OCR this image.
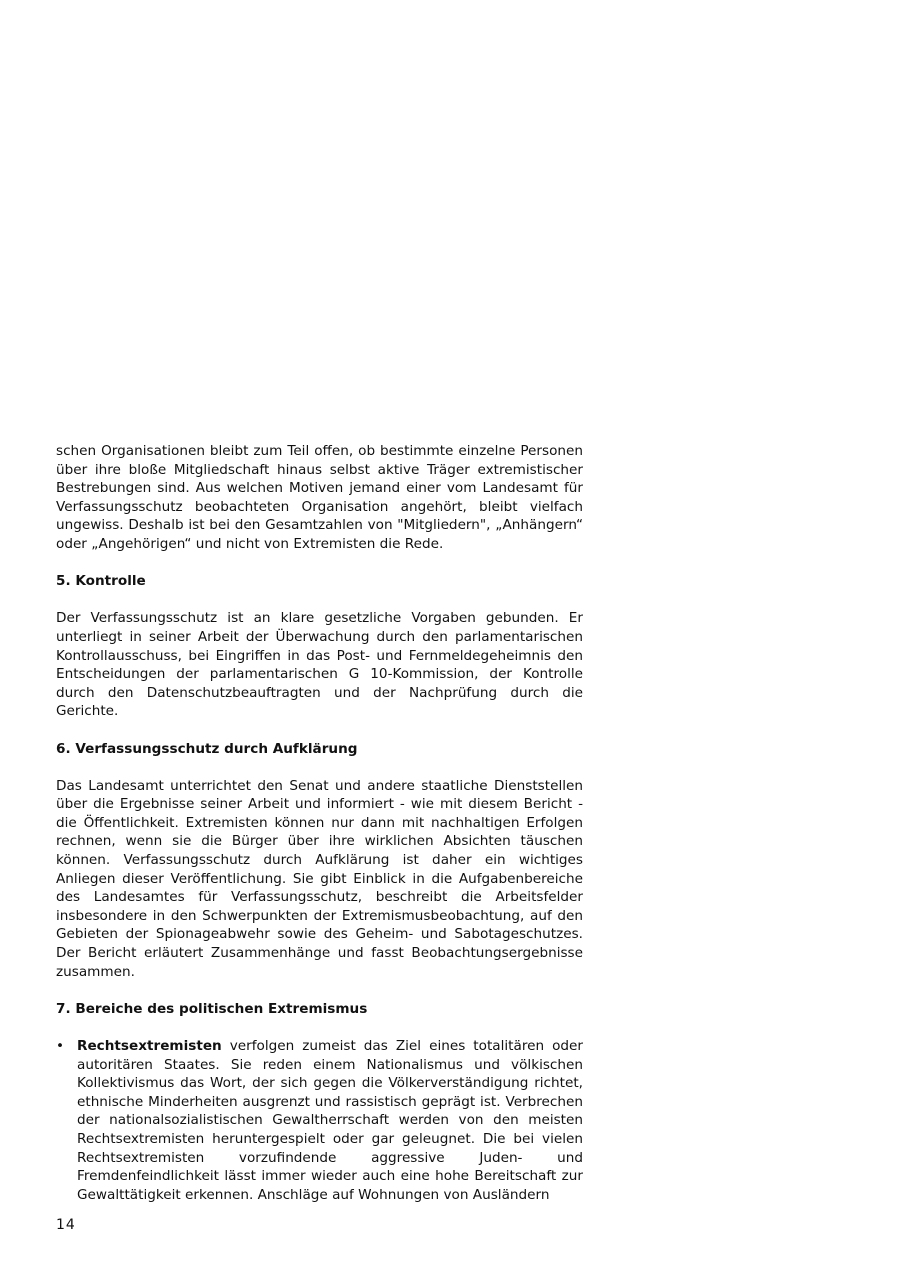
schen Organisationen bleibt zum Teil offen, ob bestimmte einzelne Personen über ihre bloße Mitgliedschaft hinaus selbst aktive Träger extremistischer Bestrebungen sind. Aus welchen Motiven jemand einer vom Landesamt für Verfassungsschutz beobachteten Organisation angehört, bleibt vielfach ungewiss. Deshalb ist bei den Gesamtzahlen von "Mitgliedern", „Anhängern“ oder „Angehörigen“ und nicht von Extremisten die Rede.

5. Kontrolle

Der Verfassungsschutz ist an klare gesetzliche Vorgaben gebunden. Er unterliegt in seiner Arbeit der Überwachung durch den parlamentarischen Kontrollausschuss, bei Eingriffen in das Post- und Fernmeldegeheimnis den Entscheidungen der parlamentarischen G 10-Kommission, der Kontrolle durch den Datenschutzbeauftragten und der Nachprüfung durch die Gerichte.

6. Verfassungsschutz durch Aufklärung

Das Landesamt unterrichtet den Senat und andere staatliche Dienststellen über die Ergebnisse seiner Arbeit und informiert - wie mit diesem Bericht - die Öffentlichkeit. Extremisten können nur dann mit nachhaltigen Erfolgen rechnen, wenn sie die Bürger über ihre wirklichen Absichten täuschen können. Verfassungsschutz durch Aufklärung ist daher ein wichtiges Anliegen dieser Veröffentlichung. Sie gibt Einblick in die Aufgabenbereiche des Landesamtes für Verfassungsschutz, beschreibt die Arbeitsfelder insbesondere in den Schwerpunkten der Extremismusbeobachtung, auf den Gebieten der Spionageabwehr sowie des Geheim- und Sabotageschutzes. Der Bericht erläutert Zusammenhänge und fasst Beobachtungsergebnisse zusammen.

7. Bereiche des politischen Extremismus
• Rechtsextremisten verfolgen zumeist das Ziel eines totalitären oder autoritären Staates. Sie reden einem Nationalismus und völkischen Kollektivismus das Wort, der sich gegen die Völkerverständigung richtet, ethnische Minderheiten ausgrenzt und rassistisch geprägt ist. Verbrechen der nationalsozialistischen Gewaltherrschaft werden von den meisten Rechtsextremisten heruntergespielt oder gar geleugnet. Die bei vielen Rechtsextremisten vorzufindende aggressive Juden- und Fremdenfeindlichkeit lässt immer wieder auch eine hohe Bereitschaft zur Gewalttätigkeit erkennen. Anschläge auf Wohnungen von Ausländern
14
